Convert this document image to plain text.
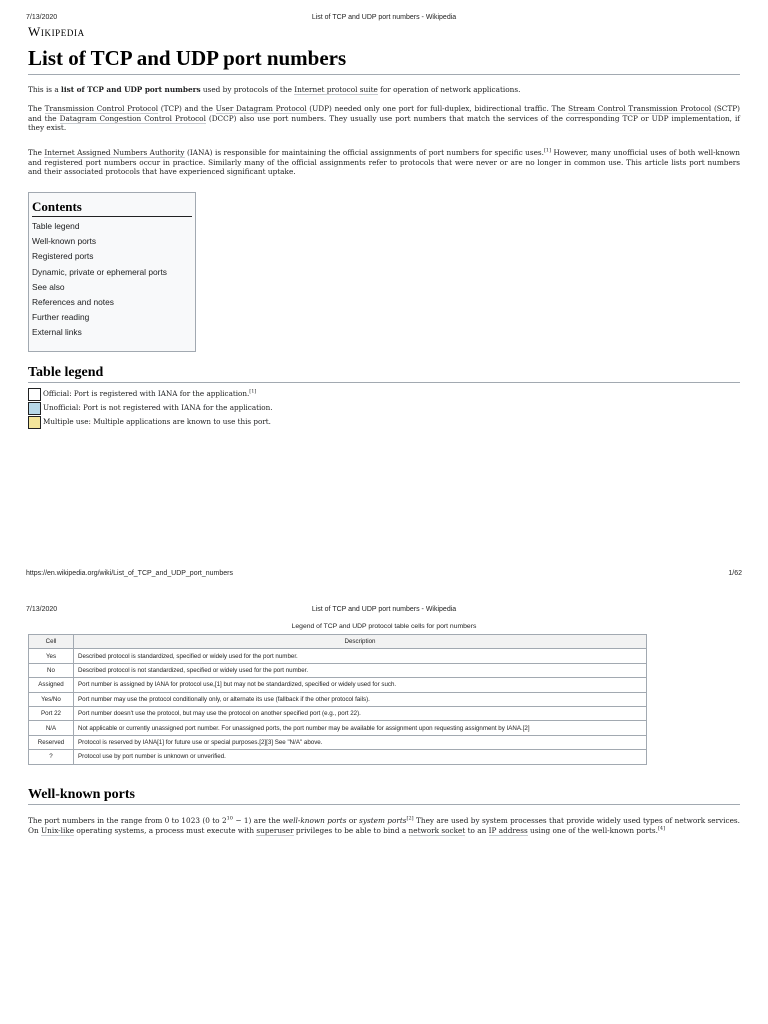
7/13/2020	List of TCP and UDP port numbers - Wikipedia
Wikipedia
List of TCP and UDP port numbers

This is a list of TCP and UDP port numbers used by protocols of the Internet protocol suite for operation of network applications.

The Transmission Control Protocol (TCP) and the User Datagram Protocol (UDP) needed only one port for full-duplex, bidirectional traffic. The Stream Control Transmission Protocol (SCTP) and the Datagram Congestion Control Protocol (DCCP) also use port numbers. They usually use port numbers that match the services of the corresponding TCP or UDP implementation, if they exist.

The Internet Assigned Numbers Authority (IANA) is responsible for maintaining the official assignments of port numbers for specific uses.[1] However, many unofficial uses of both well-known and registered port numbers occur in practice. Similarly many of the official assignments refer to protocols that were never or are no longer in common use. This article lists port numbers and their associated protocols that have experienced significant uptake.

Contents
Table legend
Well-known ports
Registered ports
Dynamic, private or ephemeral ports
See also
References and notes
Further reading
External links
Table legend
Official: Port is registered with IANA for the application.[1]
Unofficial: Port is not registered with IANA for the application.
Multiple use: Multiple applications are known to use this port.
https://en.wikipedia.org/wiki/List_of_TCP_and_UDP_port_numbers	1/62
7/13/2020	List of TCP and UDP port numbers - Wikipedia
Legend of TCP and UDP protocol table cells for port numbers
Cell	Description
Yes	Described protocol is standardized, specified or widely used for the port number.
No	Described protocol is not standardized, specified or widely used for the port number.
Assigned	Port number is assigned by IANA for protocol use,[1] but may not be standardized, specified or widely used for such.
Yes/No	Port number may use the protocol conditionally only, or alternate its use (fallback if the other protocol fails).
Port 22	Port number doesn't use the protocol, but may use the protocol on another specified port (e.g., port 22).
N/A	Not applicable or currently unassigned port number. For unassigned ports, the port number may be available for assignment upon requesting assignment by IANA.[2]
Reserved	Protocol is reserved by IANA[1] for future use or special purposes.[2][3] See "N/A" above.
?	Protocol use by port number is unknown or unverified.
Well-known ports

The port numbers in the range from 0 to 1023 (0 to $2^{10} - 1$) are the well-known ports or system ports[2] They are used by system processes that provide widely used types of network services. On Unix-like operating systems, a process must execute with superuser privileges to be able to bind a network socket to an IP address using one of the well-known ports.[4]
